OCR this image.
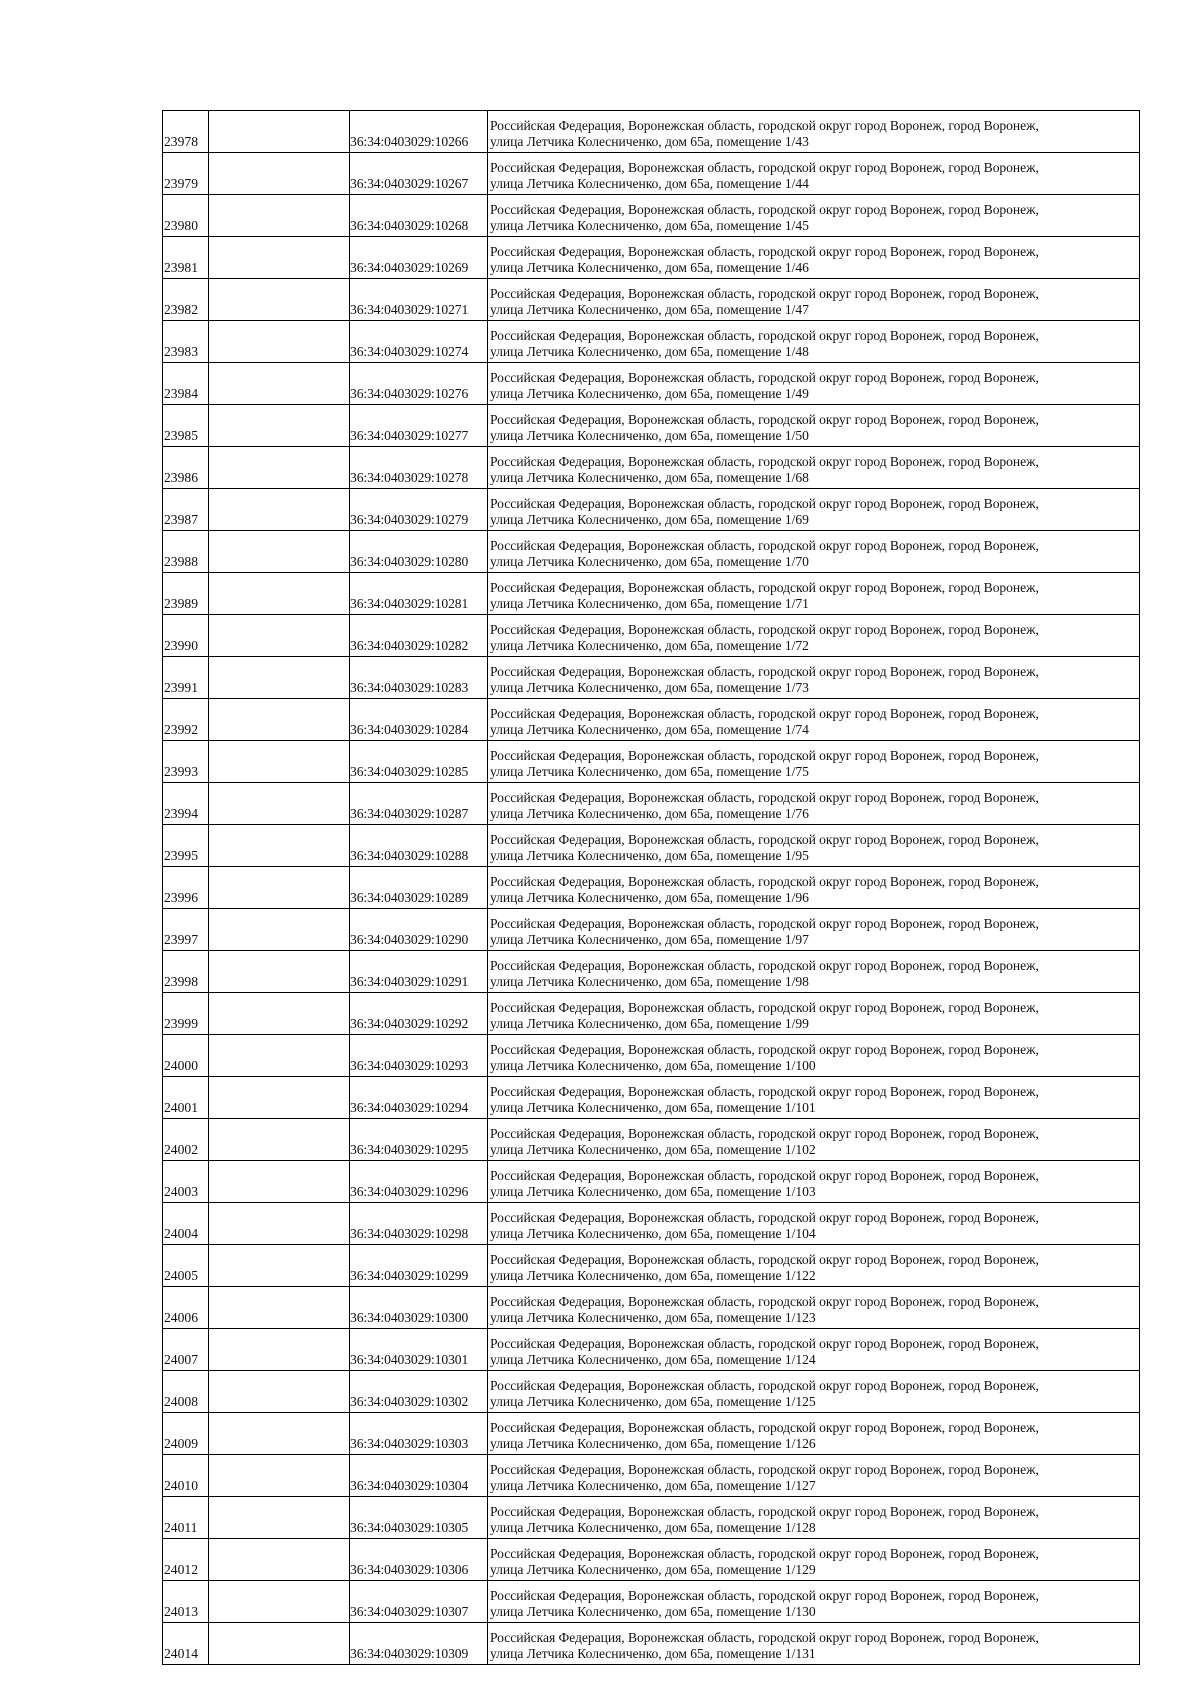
23978		36:34:0403029:10266	Российская Федерация, Воронежская область, городской округ город Воронеж, город Воронеж,
улица Летчика Колесниченко, дом 65а, помещение 1/43

23979		36:34:0403029:10267	Российская Федерация, Воронежская область, городской округ город Воронеж, город Воронеж,
улица Летчика Колесниченко, дом 65а, помещение 1/44

23980		36:34:0403029:10268	Российская Федерация, Воронежская область, городской округ город Воронеж, город Воронеж,
улица Летчика Колесниченко, дом 65а, помещение 1/45

23981		36:34:0403029:10269	Российская Федерация, Воронежская область, городской округ город Воронеж, город Воронеж,
улица Летчика Колесниченко, дом 65а, помещение 1/46

23982		36:34:0403029:10271	Российская Федерация, Воронежская область, городской округ город Воронеж, город Воронеж,
улица Летчика Колесниченко, дом 65а, помещение 1/47

23983		36:34:0403029:10274	Российская Федерация, Воронежская область, городской округ город Воронеж, город Воронеж,
улица Летчика Колесниченко, дом 65а, помещение 1/48

23984		36:34:0403029:10276	Российская Федерация, Воронежская область, городской округ город Воронеж, город Воронеж,
улица Летчика Колесниченко, дом 65а, помещение 1/49

23985		36:34:0403029:10277	Российская Федерация, Воронежская область, городской округ город Воронеж, город Воронеж,
улица Летчика Колесниченко, дом 65а, помещение 1/50

23986		36:34:0403029:10278	Российская Федерация, Воронежская область, городской округ город Воронеж, город Воронеж,
улица Летчика Колесниченко, дом 65а, помещение 1/68

23987		36:34:0403029:10279	Российская Федерация, Воронежская область, городской округ город Воронеж, город Воронеж,
улица Летчика Колесниченко, дом 65а, помещение 1/69

23988		36:34:0403029:10280	Российская Федерация, Воронежская область, городской округ город Воронеж, город Воронеж,
улица Летчика Колесниченко, дом 65а, помещение 1/70

23989		36:34:0403029:10281	Российская Федерация, Воронежская область, городской округ город Воронеж, город Воронеж,
улица Летчика Колесниченко, дом 65а, помещение 1/71

23990		36:34:0403029:10282	Российская Федерация, Воронежская область, городской округ город Воронеж, город Воронеж,
улица Летчика Колесниченко, дом 65а, помещение 1/72

23991		36:34:0403029:10283	Российская Федерация, Воронежская область, городской округ город Воронеж, город Воронеж,
улица Летчика Колесниченко, дом 65а, помещение 1/73

23992		36:34:0403029:10284	Российская Федерация, Воронежская область, городской округ город Воронеж, город Воронеж,
улица Летчика Колесниченко, дом 65а, помещение 1/74

23993		36:34:0403029:10285	Российская Федерация, Воронежская область, городской округ город Воронеж, город Воронеж,
улица Летчика Колесниченко, дом 65а, помещение 1/75

23994		36:34:0403029:10287	Российская Федерация, Воронежская область, городской округ город Воронеж, город Воронеж,
улица Летчика Колесниченко, дом 65а, помещение 1/76

23995		36:34:0403029:10288	Российская Федерация, Воронежская область, городской округ город Воронеж, город Воронеж,
улица Летчика Колесниченко, дом 65а, помещение 1/95

23996		36:34:0403029:10289	Российская Федерация, Воронежская область, городской округ город Воронеж, город Воронеж,
улица Летчика Колесниченко, дом 65а, помещение 1/96

23997		36:34:0403029:10290	Российская Федерация, Воронежская область, городской округ город Воронеж, город Воронеж,
улица Летчика Колесниченко, дом 65а, помещение 1/97

23998		36:34:0403029:10291	Российская Федерация, Воронежская область, городской округ город Воронеж, город Воронеж,
улица Летчика Колесниченко, дом 65а, помещение 1/98

23999		36:34:0403029:10292	Российская Федерация, Воронежская область, городской округ город Воронеж, город Воронеж,
улица Летчика Колесниченко, дом 65а, помещение 1/99

24000		36:34:0403029:10293	Российская Федерация, Воронежская область, городской округ город Воронеж, город Воронеж,
улица Летчика Колесниченко, дом 65а, помещение 1/100

24001		36:34:0403029:10294	Российская Федерация, Воронежская область, городской округ город Воронеж, город Воронеж,
улица Летчика Колесниченко, дом 65а, помещение 1/101

24002		36:34:0403029:10295	Российская Федерация, Воронежская область, городской округ город Воронеж, город Воронеж,
улица Летчика Колесниченко, дом 65а, помещение 1/102

24003		36:34:0403029:10296	Российская Федерация, Воронежская область, городской округ город Воронеж, город Воронеж,
улица Летчика Колесниченко, дом 65а, помещение 1/103

24004		36:34:0403029:10298	Российская Федерация, Воронежская область, городской округ город Воронеж, город Воронеж,
улица Летчика Колесниченко, дом 65а, помещение 1/104

24005		36:34:0403029:10299	Российская Федерация, Воронежская область, городской округ город Воронеж, город Воронеж,
улица Летчика Колесниченко, дом 65а, помещение 1/122

24006		36:34:0403029:10300	Российская Федерация, Воронежская область, городской округ город Воронеж, город Воронеж,
улица Летчика Колесниченко, дом 65а, помещение 1/123

24007		36:34:0403029:10301	Российская Федерация, Воронежская область, городской округ город Воронеж, город Воронеж,
улица Летчика Колесниченко, дом 65а, помещение 1/124

24008		36:34:0403029:10302	Российская Федерация, Воронежская область, городской округ город Воронеж, город Воронеж,
улица Летчика Колесниченко, дом 65а, помещение 1/125

24009		36:34:0403029:10303	Российская Федерация, Воронежская область, городской округ город Воронеж, город Воронеж,
улица Летчика Колесниченко, дом 65а, помещение 1/126

24010		36:34:0403029:10304	Российская Федерация, Воронежская область, городской округ город Воронеж, город Воронеж,
улица Летчика Колесниченко, дом 65а, помещение 1/127

24011		36:34:0403029:10305	Российская Федерация, Воронежская область, городской округ город Воронеж, город Воронеж,
улица Летчика Колесниченко, дом 65а, помещение 1/128

24012		36:34:0403029:10306	Российская Федерация, Воронежская область, городской округ город Воронеж, город Воронеж,
улица Летчика Колесниченко, дом 65а, помещение 1/129

24013		36:34:0403029:10307	Российская Федерация, Воронежская область, городской округ город Воронеж, город Воронеж,
улица Летчика Колесниченко, дом 65а, помещение 1/130

24014		36:34:0403029:10309	Российская Федерация, Воронежская область, городской округ город Воронеж, город Воронеж,
улица Летчика Колесниченко, дом 65а, помещение 1/131
